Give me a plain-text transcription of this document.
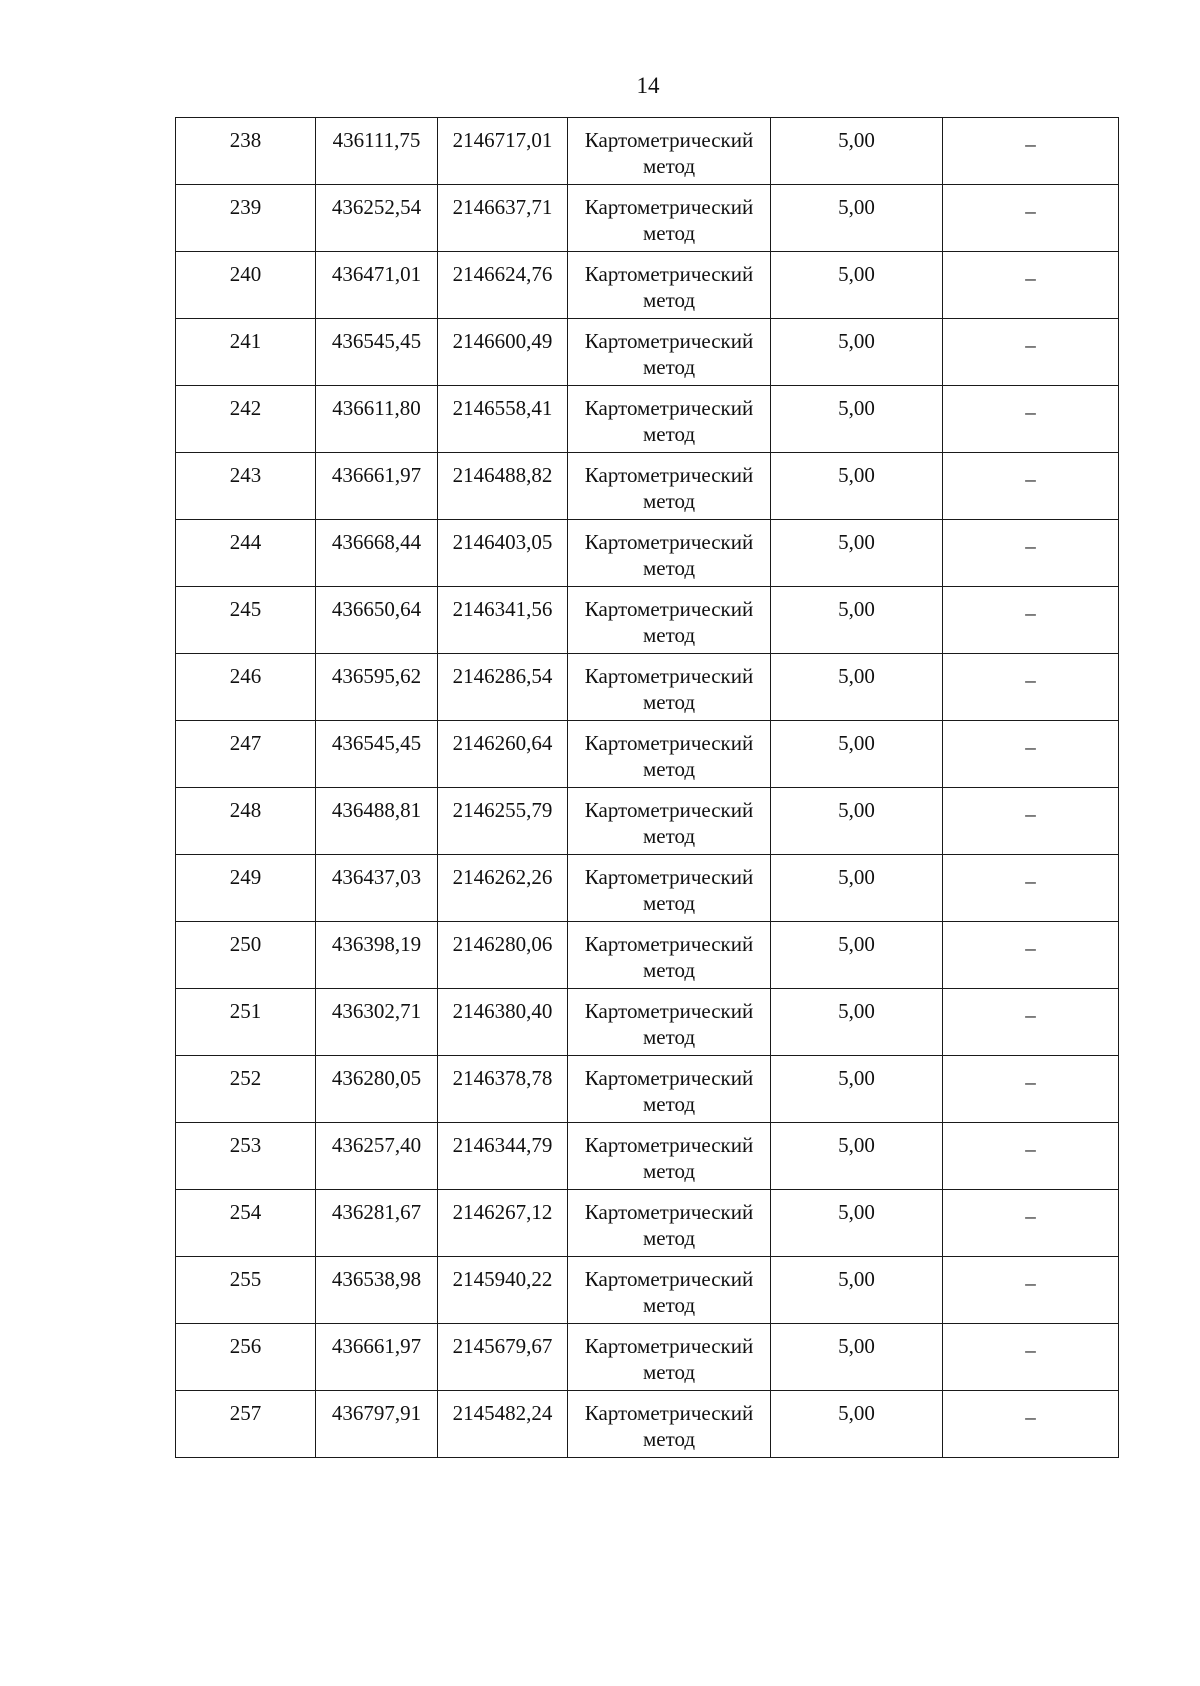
14
238	436111,75	2146717,01	Картометрический метод	5,00	–
239	436252,54	2146637,71	Картометрический метод	5,00	–
240	436471,01	2146624,76	Картометрический метод	5,00	–
241	436545,45	2146600,49	Картометрический метод	5,00	–
242	436611,80	2146558,41	Картометрический метод	5,00	–
243	436661,97	2146488,82	Картометрический метод	5,00	–
244	436668,44	2146403,05	Картометрический метод	5,00	–
245	436650,64	2146341,56	Картометрический метод	5,00	–
246	436595,62	2146286,54	Картометрический метод	5,00	–
247	436545,45	2146260,64	Картометрический метод	5,00	–
248	436488,81	2146255,79	Картометрический метод	5,00	–
249	436437,03	2146262,26	Картометрический метод	5,00	–
250	436398,19	2146280,06	Картометрический метод	5,00	–
251	436302,71	2146380,40	Картометрический метод	5,00	–
252	436280,05	2146378,78	Картометрический метод	5,00	–
253	436257,40	2146344,79	Картометрический метод	5,00	–
254	436281,67	2146267,12	Картометрический метод	5,00	–
255	436538,98	2145940,22	Картометрический метод	5,00	–
256	436661,97	2145679,67	Картометрический метод	5,00	–
257	436797,91	2145482,24	Картометрический метод	5,00	–
